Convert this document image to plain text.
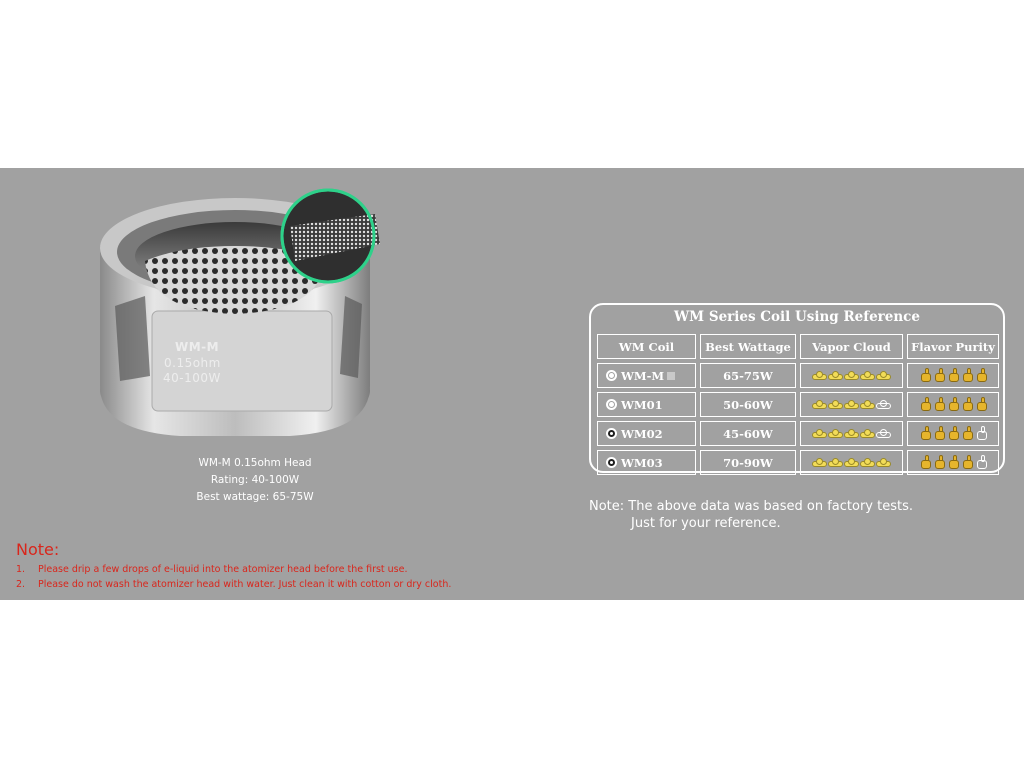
WM-M
0.15ohm
40-100W
WM-M 0.15ohm Head
Rating: 40-100W
Best wattage: 65-75W
Note:
1. Please drip a few drops of e-liquid into the atomizer head before the first use.
2. Please do not wash the atomizer head with water. Just clean it with cotton or dry cloth.
WM Series Coil Using Reference
WM Coil	Best Wattage	Vapor Cloud	Flavor Purity
WM-M	65-75W
WM01	50-60W
WM02	45-60W
WM03	70-90W
Note: The above data was based on factory tests.
Just for your reference.
